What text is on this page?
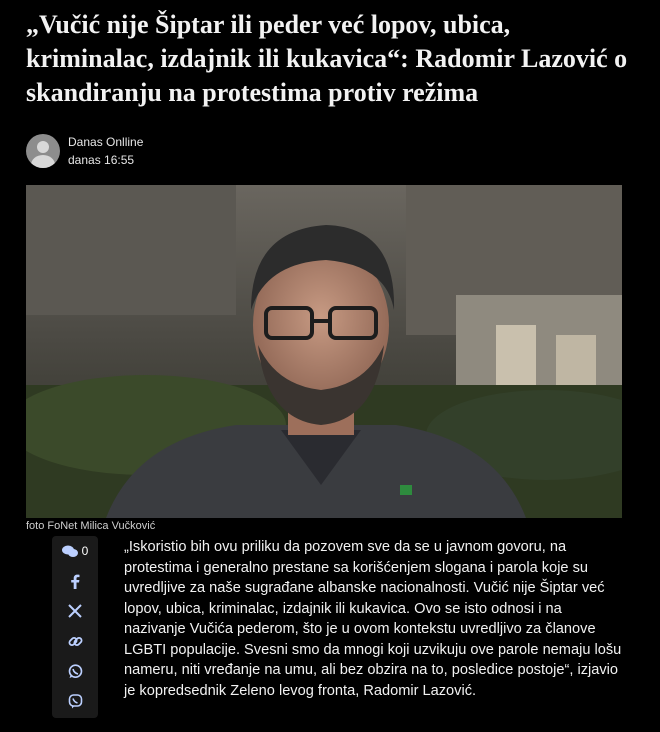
„Vučić nije Šiptar ili peder već lopov, ubica, kriminalac, izdajnik ili kukavica“: Radomir Lazović o skandiranju na protestima protiv režima
Danas Onlline
danas 16:55
foto FoNet Milica Vučković
0 „Iskoristio bih ovu priliku da pozovem sve da se u javnom govoru, na protestima i generalno prestane sa korišćenjem slogana i parola koje su uvredljive za naše sugrađane albanske nacionalnosti. Vučić nije Šiptar već lopov, ubica, kriminalac, izdajnik ili kukavica. Ovo se isto odnosi i na nazivanje Vučića pederom, što je u ovom kontekstu uvredljivo za članove LGBTI populacije. Svesni smo da mnogi koji uzvikuju ove parole nemaju lošu nameru, niti vređanje na umu, ali bez obzira na to, posledice postoje“, izjavio je kopredsednik Zeleno levog fronta, Radomir Lazović.
